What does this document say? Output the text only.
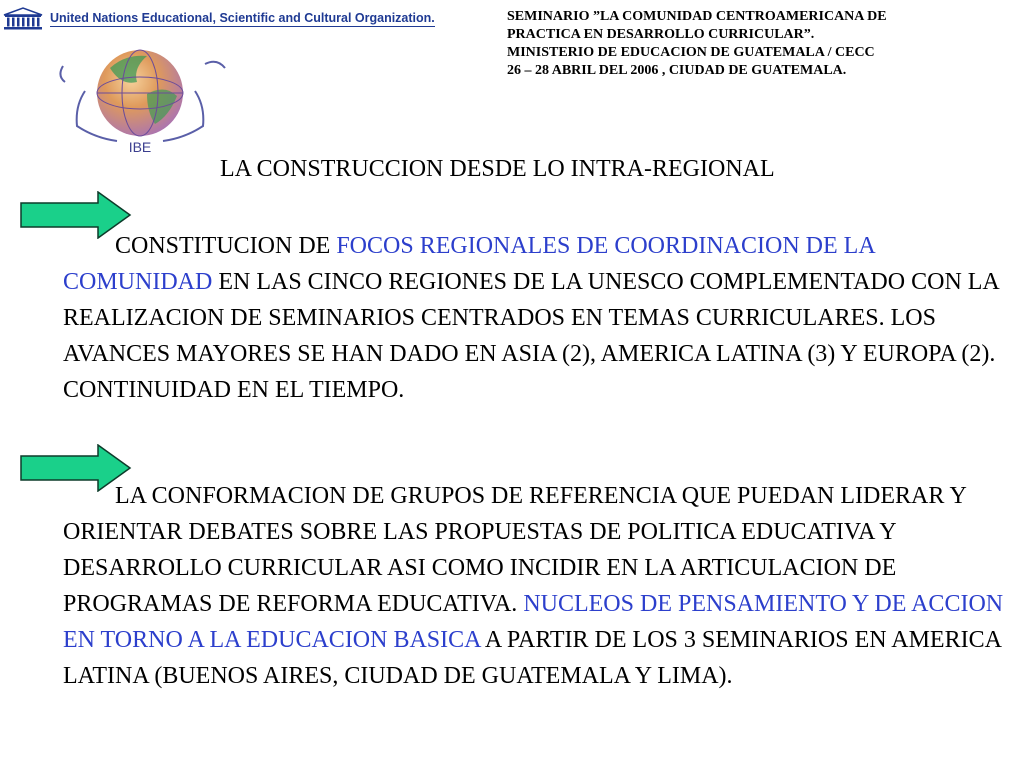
United Nations Educational, Scientific and Cultural Organization.	SEMINARIO ”LA COMUNIDAD CENTROAMERICANA DE
PRACTICA EN DESARROLLO CURRICULAR”.
MINISTERIO DE EDUCACION DE GUATEMALA / CECC
26 – 28 ABRIL DEL 2006 , CIUDAD DE GUATEMALA.
IBE
LA CONSTRUCCION DESDE LO INTRA-REGIONAL
CONSTITUCION DE FOCOS REGIONALES DE COORDINACION DE LA COMUNIDAD EN LAS CINCO REGIONES DE LA UNESCO COMPLEMENTADO CON LA REALIZACION DE SEMINARIOS CENTRADOS EN TEMAS CURRICULARES. LOS AVANCES MAYORES SE HAN DADO EN ASIA (2), AMERICA LATINA (3) Y EUROPA (2). CONTINUIDAD EN EL TIEMPO.
LA CONFORMACION DE GRUPOS DE REFERENCIA QUE PUEDAN LIDERAR Y ORIENTAR DEBATES SOBRE LAS PROPUESTAS DE POLITICA EDUCATIVA Y DESARROLLO CURRICULAR ASI COMO INCIDIR EN LA ARTICULACION DE PROGRAMAS DE REFORMA EDUCATIVA. NUCLEOS DE PENSAMIENTO Y DE ACCION EN TORNO A LA EDUCACION BASICA A PARTIR DE LOS 3 SEMINARIOS EN AMERICA LATINA (BUENOS AIRES, CIUDAD DE GUATEMALA Y LIMA).
